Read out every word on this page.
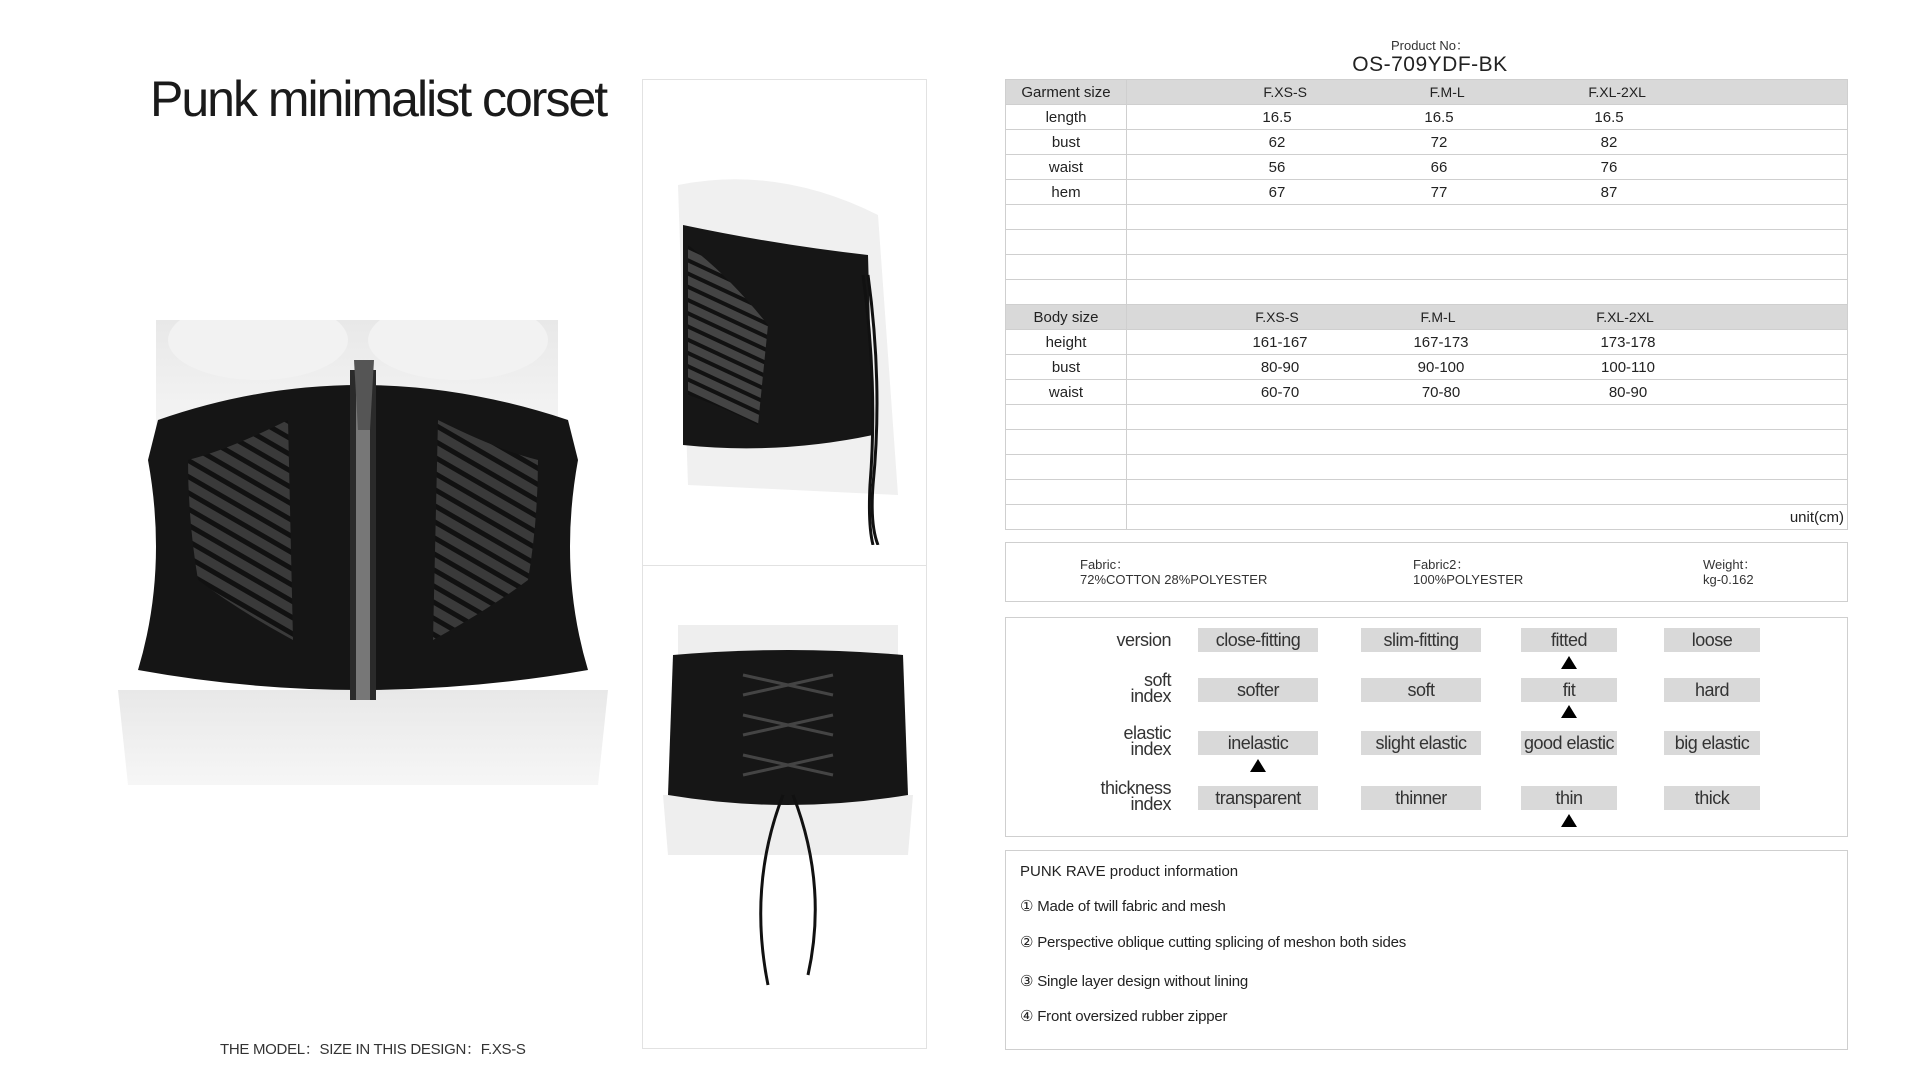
Punk minimalist corset
THE MODEL：SIZE IN THIS DESIGN：F.XS-S
Product No：
OS-709YDF-BK
Garment size	F.XS-S F.M-L F.XL-2XL
length	16.5 16.5 16.5
bust	62 72 82
waist	56 66 76
hem	67 77 87

Body size	F.XS-S F.M-L F.XL-2XL
height	161-167 167-173 173-178
bust	80-90 90-100 100-110
waist	60-70 70-80 80-90

	unit(cm)
Fabric：
72%COTTON 28%POLYESTER
Fabric2：
100%POLYESTER
Weight：
kg-0.162
version	close-fitting	slim-fitting	fitted	loose
soft
index	softer	soft	fit	hard
elastic
index	inelastic	slight elastic	good elastic	big elastic
thickness
index	transparent	thinner	thin	thick
PUNK RAVE product information
① Made of twill fabric and mesh
② Perspective oblique cutting splicing of meshon both sides
③ Single layer design without lining
④ Front oversized rubber zipper
